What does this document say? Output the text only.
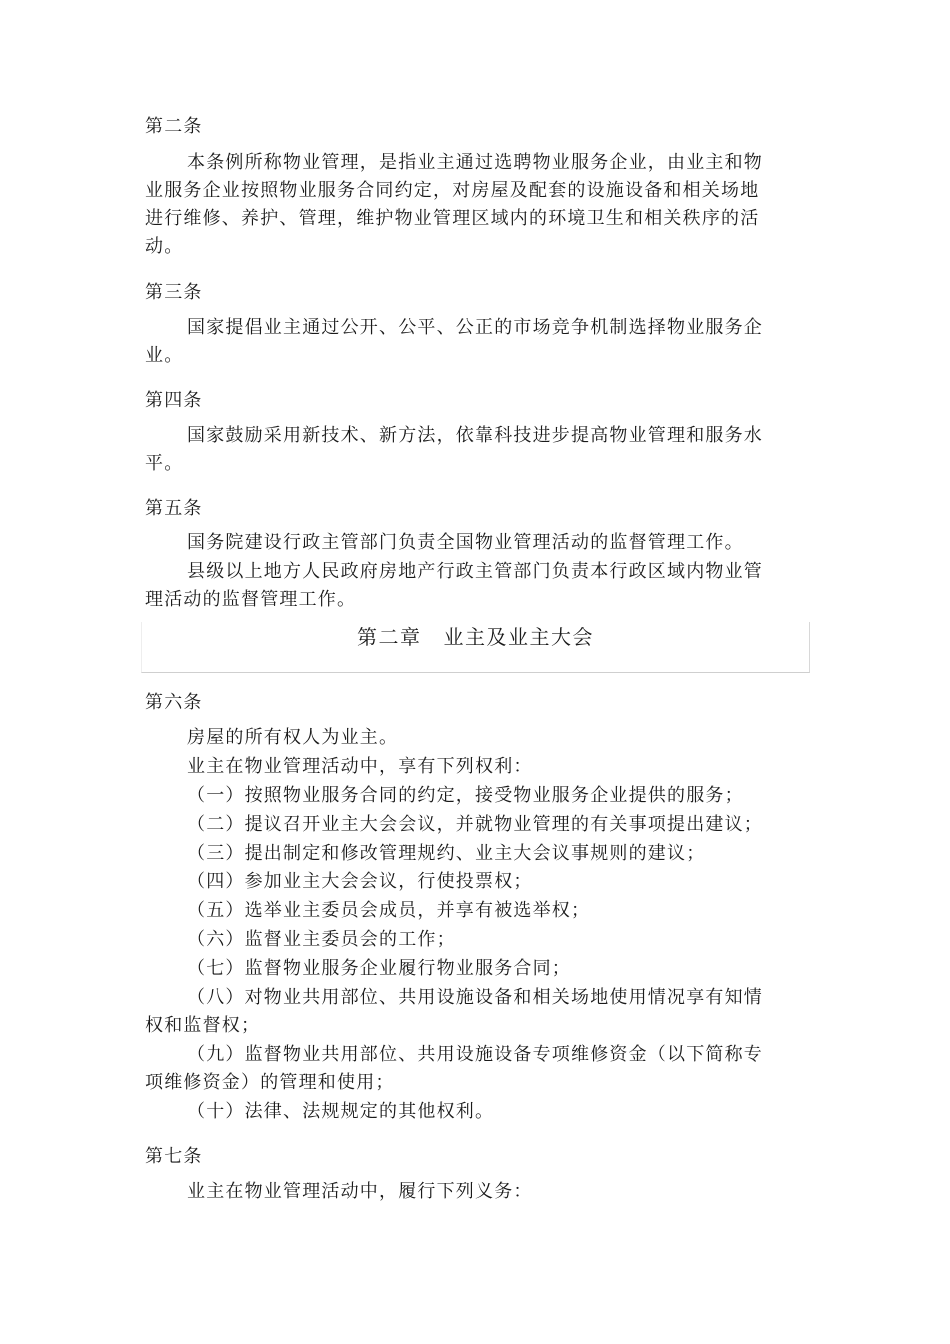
第二条
本条例所称物业管理，是指业主通过选聘物业服务企业，由业主和物
业服务企业按照物业服务合同约定，对房屋及配套的设施设备和相关场地
进行维修、养护、管理，维护物业管理区域内的环境卫生和相关秩序的活
动。
第三条
国家提倡业主通过公开、公平、公正的市场竞争机制选择物业服务企
业。
第四条
国家鼓励采用新技术、新方法，依靠科技进步提高物业管理和服务水
平。
第五条
国务院建设行政主管部门负责全国物业管理活动的监督管理工作。
县级以上地方人民政府房地产行政主管部门负责本行政区域内物业管
理活动的监督管理工作。
第二章 业主及业主大会
第六条
房屋的所有权人为业主。
业主在物业管理活动中，享有下列权利：
（一）按照物业服务合同的约定，接受物业服务企业提供的服务；
（二）提议召开业主大会会议，并就物业管理的有关事项提出建议；
（三）提出制定和修改管理规约、业主大会议事规则的建议；
（四）参加业主大会会议，行使投票权；
（五）选举业主委员会成员，并享有被选举权；
（六）监督业主委员会的工作；
（七）监督物业服务企业履行物业服务合同；
（八）对物业共用部位、共用设施设备和相关场地使用情况享有知情
权和监督权；
（九）监督物业共用部位、共用设施设备专项维修资金（以下简称专
项维修资金）的管理和使用；
（十）法律、法规规定的其他权利。
第七条
业主在物业管理活动中，履行下列义务：
